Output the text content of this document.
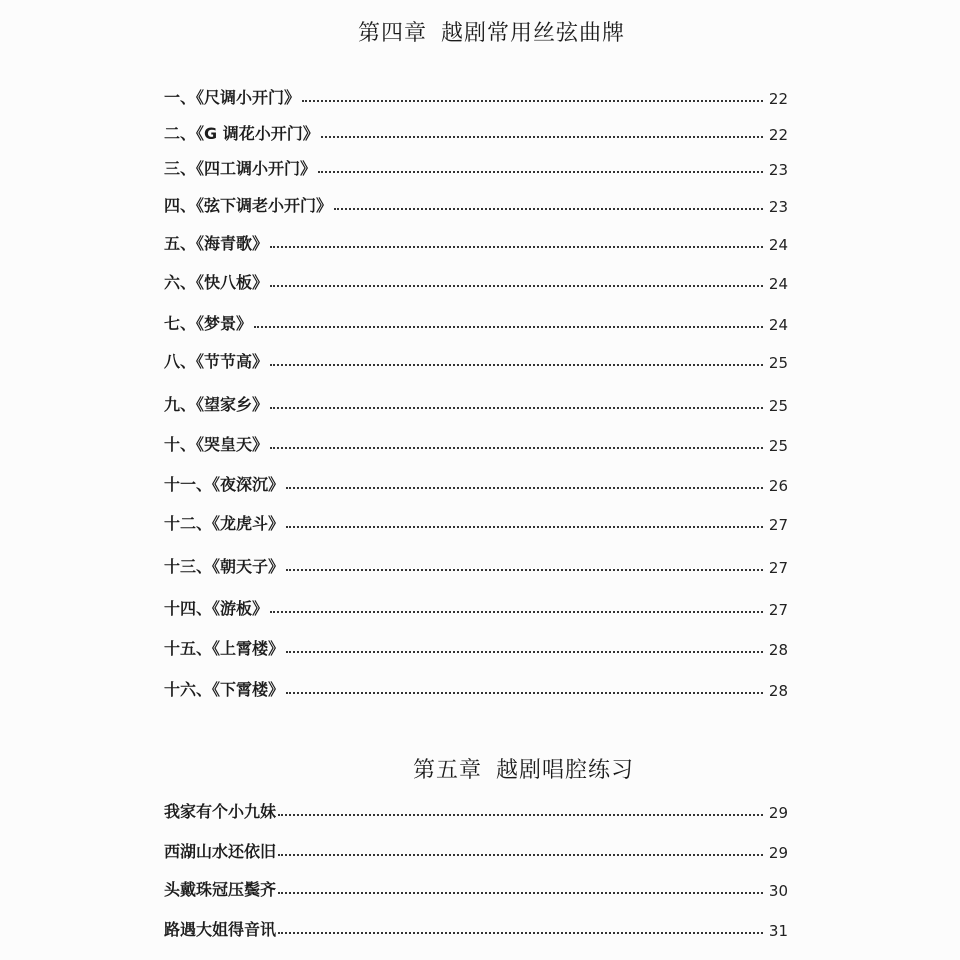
第四章 越剧常用丝弦曲牌
一、《尺调小开门》	22
二、《G 调花小开门》	22
三、《四工调小开门》	23
四、《弦下调老小开门》	23
五、《海青歌》	24
六、《快八板》	24
七、《梦景》	24
八、《节节高》	25
九、《望家乡》	25
十、《哭皇天》	25
十一、《夜深沉》	26
十二、《龙虎斗》	27
十三、《朝天子》	27
十四、《游板》	27
十五、《上霄楼》	28
十六、《下霄楼》	28
第五章 越剧唱腔练习
我家有个小九妹	29
西湖山水还依旧	29
头戴珠冠压鬓齐	30
路遇大姐得音讯	31
